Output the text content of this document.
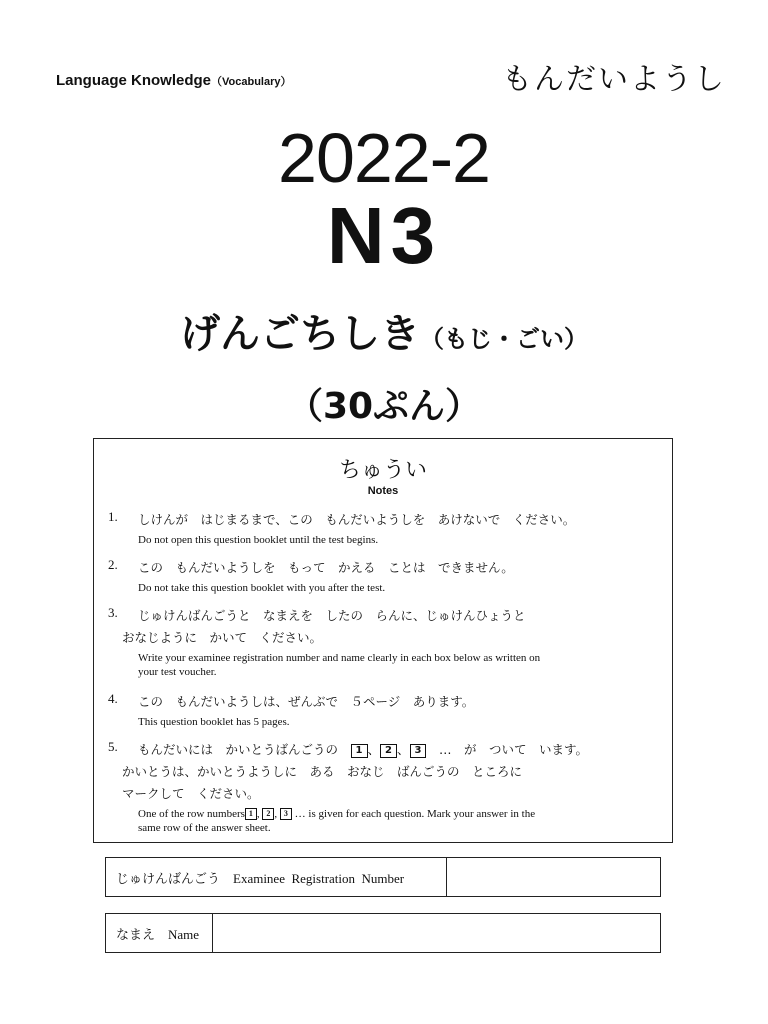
Language Knowledge（Vocabulary）	もんだいようし
2022-2
N3
げんごちしき（もじ・ごい）
（30ぷん）
ちゅうい
Notes
1.	しけんが　はじまるまで、この　もんだいようしを　あけないで　ください。
Do not open this question booklet until the test begins.
2.	この　もんだいようしを　もって　かえる　ことは　できません。
Do not take this question booklet with you after the test.
3.	じゅけんばんごうと　なまえを　したの　らんに、じゅけんひょうと
おなじように　かいて　ください。
Write your examinee registration number and name clearly in each box below as written on
your test voucher.
4.	この　もんだいようしは、ぜんぶで　５ページ　あります。
This question booklet has 5 pages.
5.	もんだいには　かいとうばんごうの　 1 、 2 、 3　 …　が　ついて　います。
かいとうは、かいとうようしに　ある　おなじ　ばんごうの　ところに
マークして　ください。
One of the row numbers 1 , 2 , 3 … is given for each question. Mark your answer in the
same row of the answer sheet.
じゅけんばんごう　Examinee  Registration  Number
なまえ　Name
